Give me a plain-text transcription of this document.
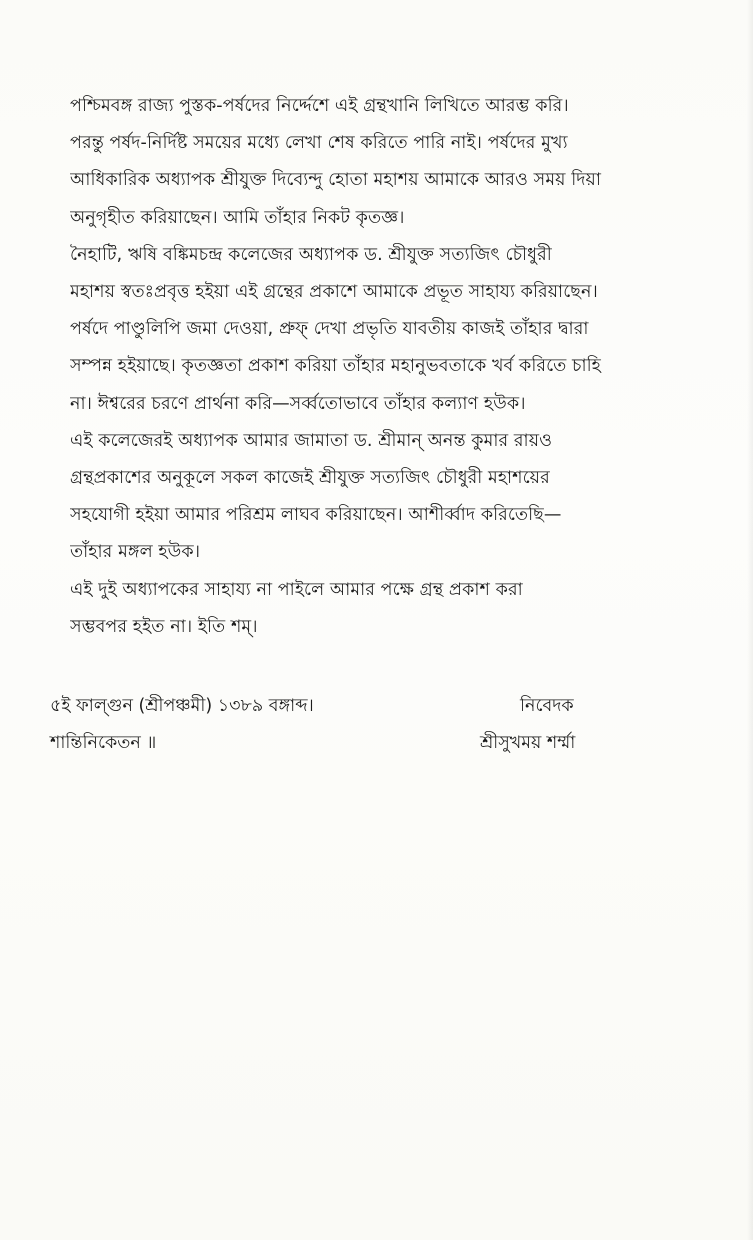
পশ্চিমবঙ্গ রাজ্য পুস্তক-পর্ষদের নির্দ্দেশে এই গ্রন্থখানি লিখিতে আরম্ভ করি।
পরন্তু পর্ষদ-নির্দিষ্ট সময়ের মধ্যে লেখা শেষ করিতে পারি নাই। পর্ষদের মুখ্য
আধিকারিক অধ্যাপক শ্রীযুক্ত দিব্যেন্দু হোতা মহাশয় আমাকে আরও সময় দিয়া
অনুগৃহীত করিয়াছেন। আমি তাঁহার নিকট কৃতজ্ঞ।

নৈহাটি, ঋষি বঙ্কিমচন্দ্র কলেজের অধ্যাপক ড. শ্রীযুক্ত সত্যজিৎ চৌধুরী
মহাশয় স্বতঃপ্রবৃত্ত হইয়া এই গ্রন্থের প্রকাশে আমাকে প্রভূত সাহায্য করিয়াছেন।
পর্ষদে পাণ্ডুলিপি জমা দেওয়া, প্রুফ্ দেখা প্রভৃতি যাবতীয় কাজই তাঁহার দ্বারা
সম্পন্ন হইয়াছে। কৃতজ্ঞতা প্রকাশ করিয়া তাঁহার মহানুভবতাকে খর্ব করিতে চাহি
না। ঈশ্বরের চরণে প্রার্থনা করি—সর্ব্বতোভাবে তাঁহার কল্যাণ হউক।

এই কলেজেরই অধ্যাপক আমার জামাতা ড. শ্রীমান্ অনন্ত কুমার রায়ও
গ্রন্থপ্রকাশের অনুকূলে সকল কাজেই শ্রীযুক্ত সত্যজিৎ চৌধুরী মহাশয়ের
সহযোগী হইয়া আমার পরিশ্রম লাঘব করিয়াছেন। আশীর্ব্বাদ করিতেছি—
তাঁহার মঙ্গল হউক।

এই দুই অধ্যাপকের সাহায্য না পাইলে আমার পক্ষে গ্রন্থ প্রকাশ করা
সম্ভবপর হইত না। ইতি শম্।

৫ই ফাল্গুন (শ্রীপঞ্চমী) ১৩৮৯ বঙ্গাব্দ।	নিবেদক
শান্তিনিকেতন ॥	শ্রীসুখময় শর্ম্মা
